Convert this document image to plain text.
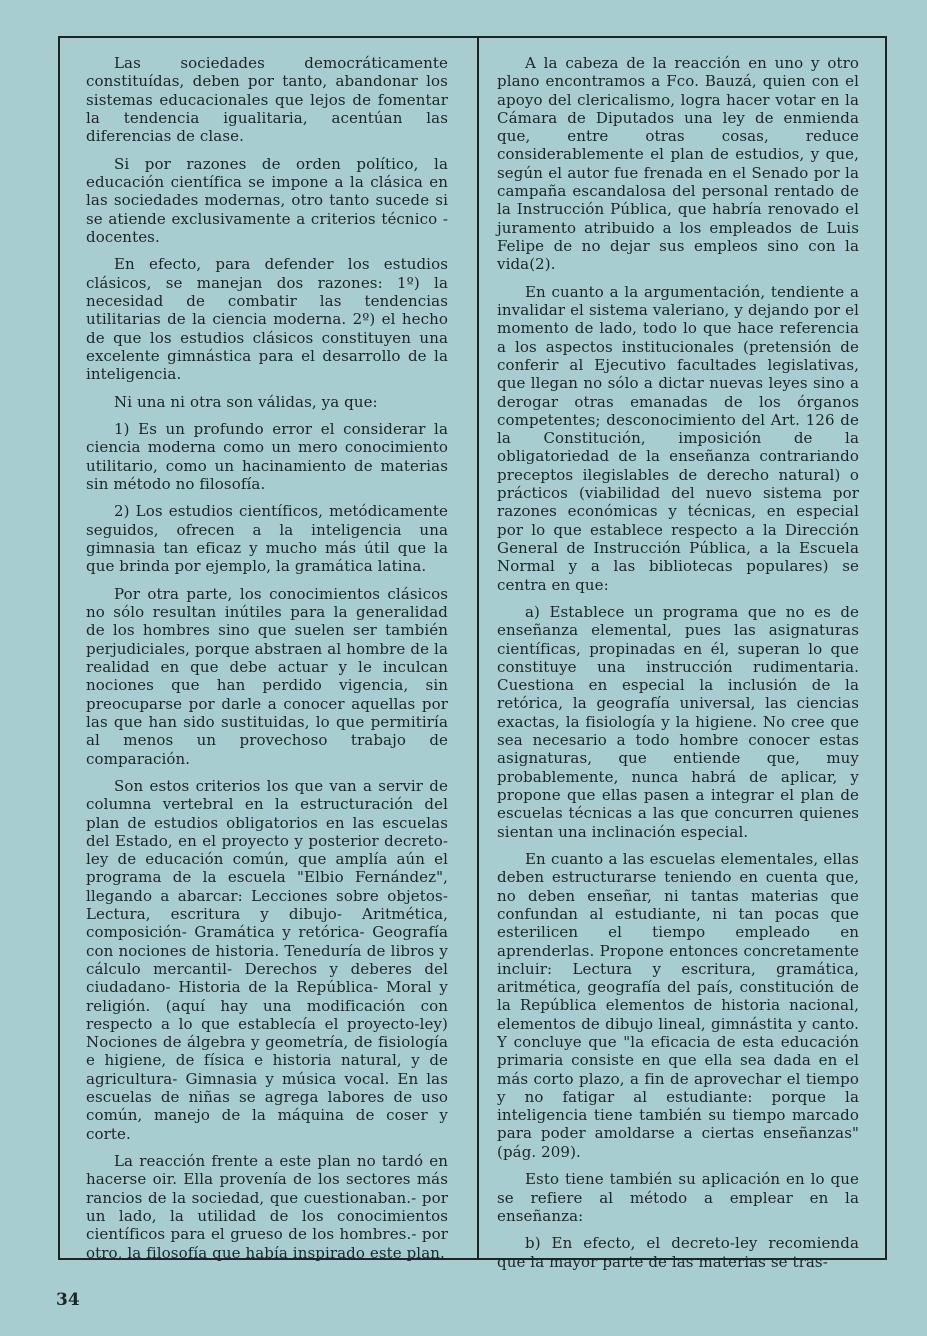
Las sociedades democráticamente constituídas, deben por tanto, abandonar los sistemas educacionales que lejos de fomentar la tendencia igualitaria, acentúan las diferencias de clase.

Si por razones de orden político, la educación científica se impone a la clásica en las sociedades modernas, otro tanto sucede si se atiende exclusivamente a criterios técnico -docentes.

En efecto, para defender los estudios clásicos, se manejan dos razones: 1º) la necesidad de combatir las tendencias utilitarias de la ciencia moderna. 2º) el hecho de que los estudios clásicos constituyen una excelente gimnástica para el desarrollo de la inteligencia.

Ni una ni otra son válidas, ya que:

1) Es un profundo error el considerar la ciencia moderna como un mero conocimiento utilitario, como un hacinamiento de materias sin método no filosofía.

2) Los estudios científicos, metódicamente seguidos, ofrecen a la inteligencia una gimnasia tan eficaz y mucho más útil que la que brinda por ejemplo, la gramática latina.

Por otra parte, los conocimientos clásicos no sólo resultan inútiles para la generalidad de los hombres sino que suelen ser también perjudiciales, porque abstraen al hombre de la realidad en que debe actuar y le inculcan nociones que han perdido vigencia, sin preocuparse por darle a conocer aquellas por las que han sido sustituidas, lo que permitiría al menos un provechoso trabajo de comparación.

Son estos criterios los que van a servir de columna vertebral en la estructuración del plan de estudios obligatorios en las escuelas del Estado, en el proyecto y posterior decreto-ley de educación común, que amplía aún el programa de la escuela "Elbio Fernández", llegando a abarcar: Lecciones sobre objetos- Lectura, escritura y dibujo- Aritmética, composición- Gramática y retórica- Geografía con nociones de historia. Teneduría de libros y cálculo mercantil- Derechos y deberes del ciudadano- Historia de la República- Moral y religión. (aquí hay una modificación con respecto a lo que establecía el proyecto-ley) Nociones de álgebra y geometría, de fisiología e higiene, de física e historia natural, y de agricultura- Gimnasia y música vocal. En las escuelas de niñas se agrega labores de uso común, manejo de la máquina de coser y corte.

La reacción frente a este plan no tardó en hacerse oir. Ella provenía de los sectores más rancios de la sociedad, que cuestionaban.- por un lado, la utilidad de los conocimientos científicos para el grueso de los hombres.- por otro, la filosofía que había inspirado este plan.

A la cabeza de la reacción en uno y otro plano encontramos a Fco. Bauzá, quien con el apoyo del clericalismo, logra hacer votar en la Cámara de Diputados una ley de enmienda que, entre otras cosas, reduce considerablemente el plan de estudios, y que, según el autor fue frenada en el Senado por la campaña escandalosa del personal rentado de la Instrucción Pública, que habría renovado el juramento atribuido a los empleados de Luis Felipe de no dejar sus empleos sino con la vida(2).

En cuanto a la argumentación, tendiente a invalidar el sistema valeriano, y dejando por el momento de lado, todo lo que hace referencia a los aspectos institucionales (pretensión de conferir al Ejecutivo facultades legislativas, que llegan no sólo a dictar nuevas leyes sino a derogar otras emanadas de los órganos competentes; desconocimiento del Art. 126 de la Constitución, imposición de la obligatoriedad de la enseñanza contrariando preceptos ilegislables de derecho natural) o prácticos (viabilidad del nuevo sistema por razones económicas y técnicas, en especial por lo que establece respecto a la Dirección General de Instrucción Pública, a la Escuela Normal y a las bibliotecas populares) se centra en que:

a) Establece un programa que no es de enseñanza elemental, pues las asignaturas científicas, propinadas en él, superan lo que constituye una instrucción rudimentaria. Cuestiona en especial la inclusión de la retórica, la geografía universal, las ciencias exactas, la fisiología y la higiene. No cree que sea necesario a todo hombre conocer estas asignaturas, que entiende que, muy probablemente, nunca habrá de aplicar, y propone que ellas pasen a integrar el plan de escuelas técnicas a las que concurren quienes sientan una inclinación especial.

En cuanto a las escuelas elementales, ellas deben estructurarse teniendo en cuenta que, no deben enseñar, ni tantas materias que confundan al estudiante, ni tan pocas que esterilicen el tiempo empleado en aprenderlas. Propone entonces concretamente incluir: Lectura y escritura, gramática, aritmética, geografía del país, constitución de la República elementos de historia nacional, elementos de dibujo lineal, gimnástita y canto. Y concluye que "la eficacia de esta educación primaria consiste en que ella sea dada en el más corto plazo, a fin de aprovechar el tiempo y no fatigar al estudiante: porque la inteligencia tiene también su tiempo marcado para poder amoldarse a ciertas enseñanzas" (pág. 209).

Esto tiene también su aplicación en lo que se refiere al método a emplear en la enseñanza:

b) En efecto, el decreto-ley recomienda que la mayor parte de las materias se tras-

34
